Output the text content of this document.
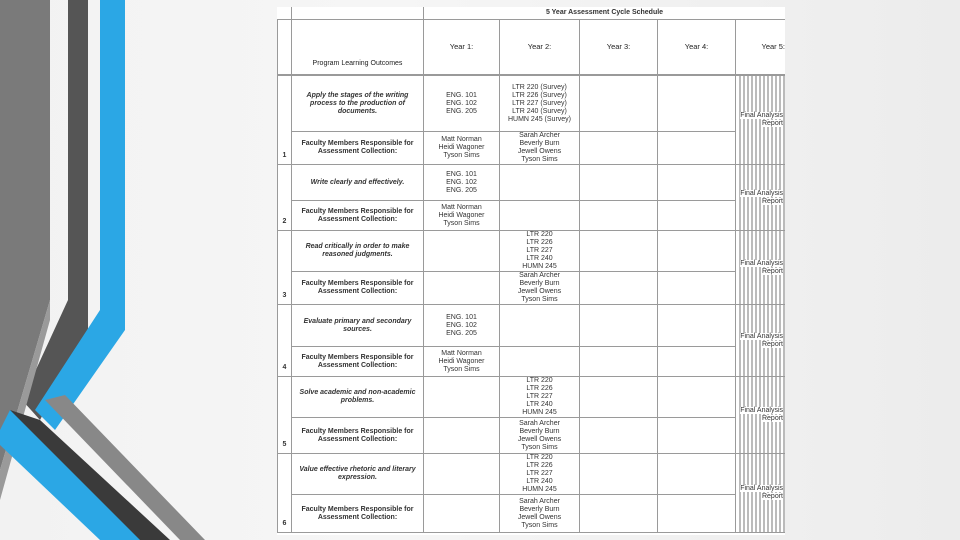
		5 Year Assessment Cycle Schedule				
	Program Learning Outcomes	Year 1:	Year 2:	Year 3:	Year 4:	Year 5:
1	Apply the stages of the writing process to the production of documents.	ENG. 101
ENG. 102
ENG. 205	LTR 220 (Survey)
LTR 226 (Survey)
LTR 227 (Survey)
LTR 240 (Survey)
HUMN 245 (Survey)			Final Analysis
Report
	Faculty Members Responsible for Assessment Collection:	Matt Norman
Heidi Wagoner
Tyson Sims	Sarah Archer
Beverly Burn
Jewell Owens
Tyson Sims			
2	Write clearly and effectively.	ENG. 101
ENG. 102
ENG. 205				Final Analysis
Report
	Faculty Members Responsible for Assessment Collection:	Matt Norman
Heidi Wagoner
Tyson Sims				
3	Read critically in order to make reasoned judgments.		LTR 220
LTR 226
LTR 227
LTR 240
HUMN 245			Final Analysis
Report
	Faculty Members Responsible for Assessment Collection:		Sarah Archer
Beverly Burn
Jewell Owens
Tyson Sims			
4	Evaluate primary and secondary sources.	ENG. 101
ENG. 102
ENG. 205				Final Analysis
Report
	Faculty Members Responsible for Assessment Collection:	Matt Norman
Heidi Wagoner
Tyson Sims				
5	Solve academic and non-academic problems.		LTR 220
LTR 226
LTR 227
LTR 240
HUMN 245			Final Analysis
Report
	Faculty Members Responsible for Assessment Collection:		Sarah Archer
Beverly Burn
Jewell Owens
Tyson Sims			
6	Value effective rhetoric and literary expression.		LTR 220
LTR 226
LTR 227
LTR 240
HUMN 245			Final Analysis
Report
	Faculty Members Responsible for Assessment Collection:		Sarah Archer
Beverly Burn
Jewell Owens
Tyson Sims			
